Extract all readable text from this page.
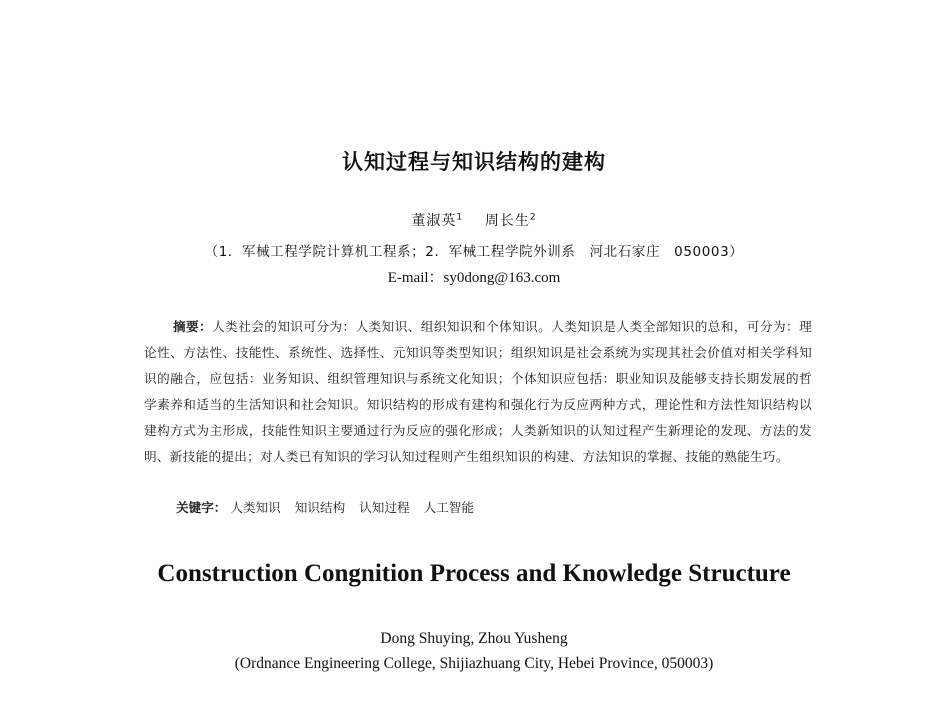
认知过程与知识结构的建构
董淑英$^1$ 周长生$^2$
（1．军械工程学院计算机工程系；2．军械工程学院外训系　河北石家庄　050003）
E-mail：sy0dong@163.com
摘要：人类社会的知识可分为：人类知识、组织知识和个体知识。人类知识是人类全部知识的总和，可分为：理论性、方法性、技能性、系统性、选择性、元知识等类型知识；组织知识是社会系统为实现其社会价值对相关学科知识的融合，应包括：业务知识、组织管理知识与系统文化知识；个体知识应包括：职业知识及能够支持长期发展的哲学素养和适当的生活知识和社会知识。知识结构的形成有建构和强化行为反应两种方式，理论性和方法性知识结构以建构方式为主形成，技能性知识主要通过行为反应的强化形成；人类新知识的认知过程产生新理论的发现、方法的发明、新技能的提出；对人类已有知识的学习认知过程则产生组织知识的构建、方法知识的掌握、技能的熟能生巧。
关键字： 人类知识 知识结构 认知过程 人工智能
Construction Congnition Process and Knowledge Structure
Dong Shuying, Zhou Yusheng
(Ordnance Engineering College, Shijiazhuang City, Hebei Province, 050003)
